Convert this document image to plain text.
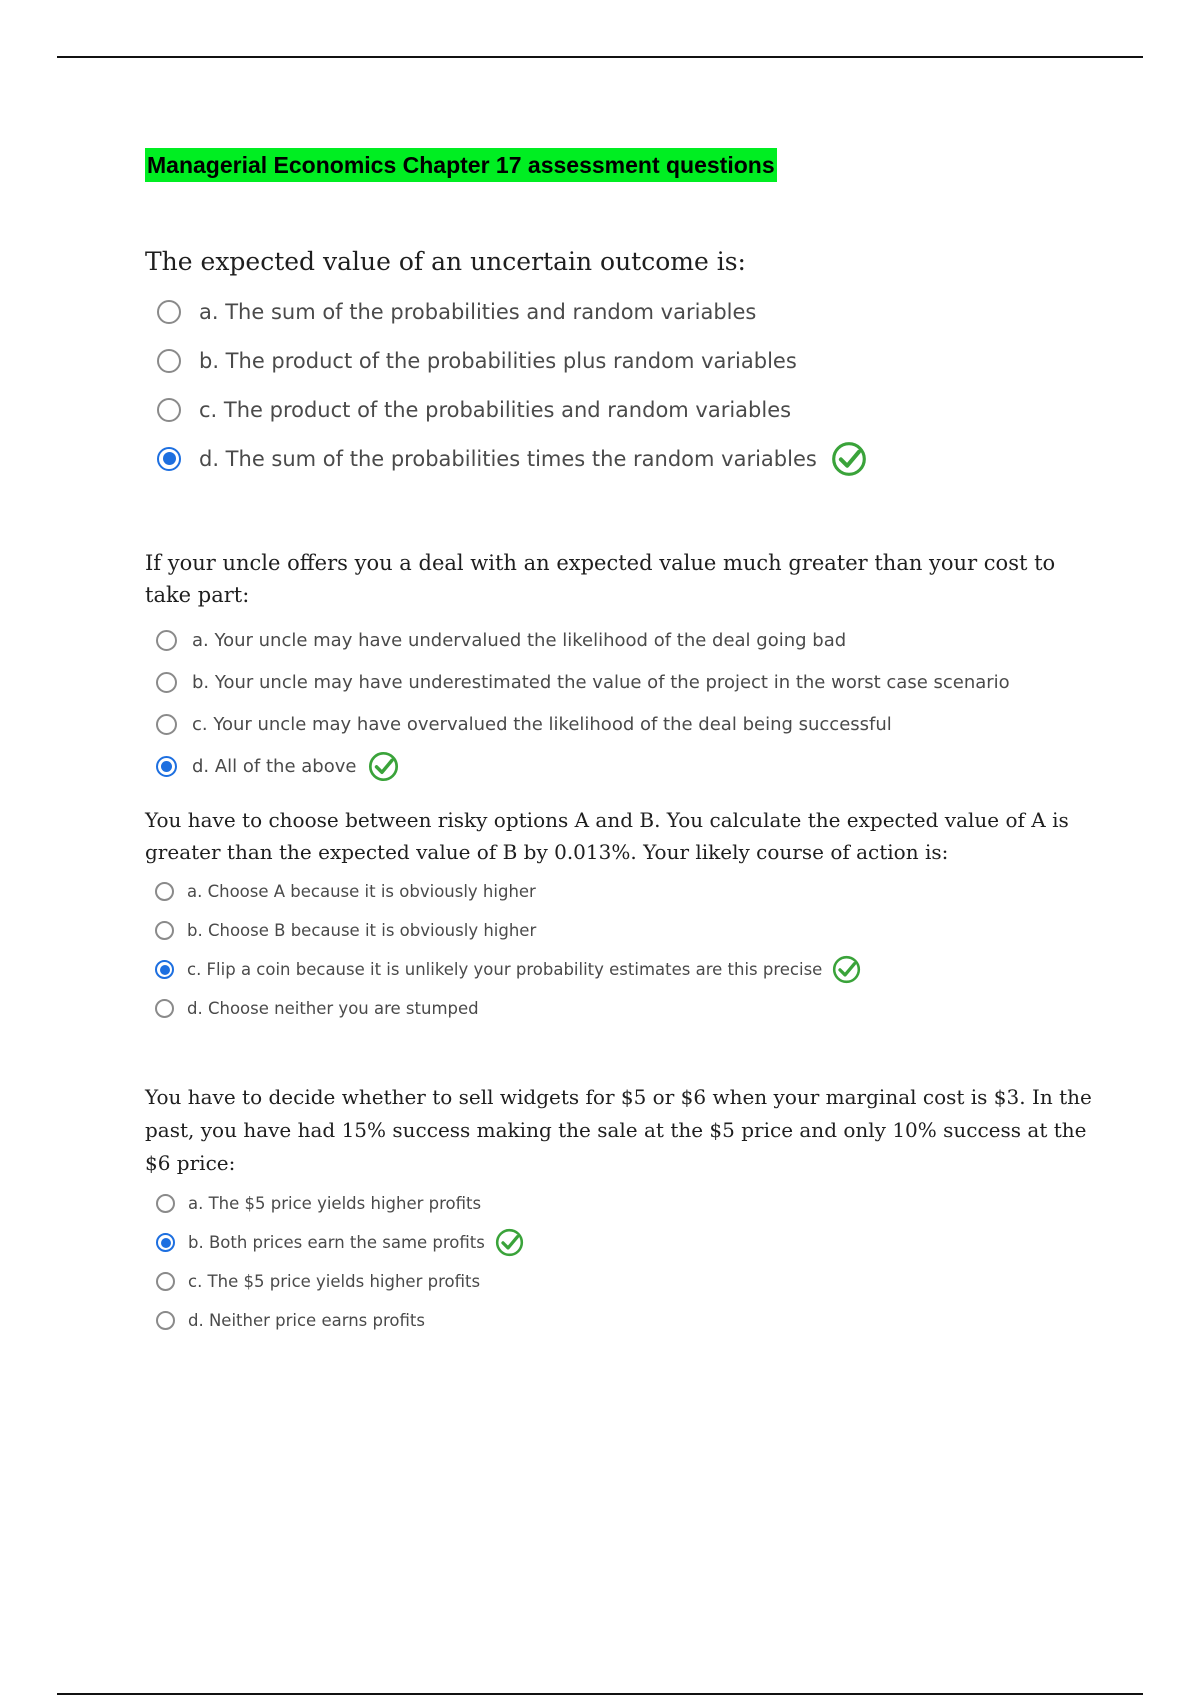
Managerial Economics Chapter 17 assessment questions

The expected value of an uncertain outcome is:

a. The sum of the probabilities and random variables
b. The product of the probabilities plus random variables
c. The product of the probabilities and random variables
d. The sum of the probabilities times the random variables

If your uncle offers you a deal with an expected value much greater than your cost to take part:

a. Your uncle may have undervalued the likelihood of the deal going bad
b. Your uncle may have underestimated the value of the project in the worst case scenario
c. Your uncle may have overvalued the likelihood of the deal being successful
d. All of the above

You have to choose between risky options A and B. You calculate the expected value of A is greater than the expected value of B by 0.013%. Your likely course of action is:

a. Choose A because it is obviously higher
b. Choose B because it is obviously higher
c. Flip a coin because it is unlikely your probability estimates are this precise
d. Choose neither you are stumped

You have to decide whether to sell widgets for $5 or $6 when your marginal cost is $3. In the past, you have had 15% success making the sale at the $5 price and only 10% success at the $6 price:

a. The $5 price yields higher profits
b. Both prices earn the same profits
c. The $5 price yields higher profits
d. Neither price earns profits
